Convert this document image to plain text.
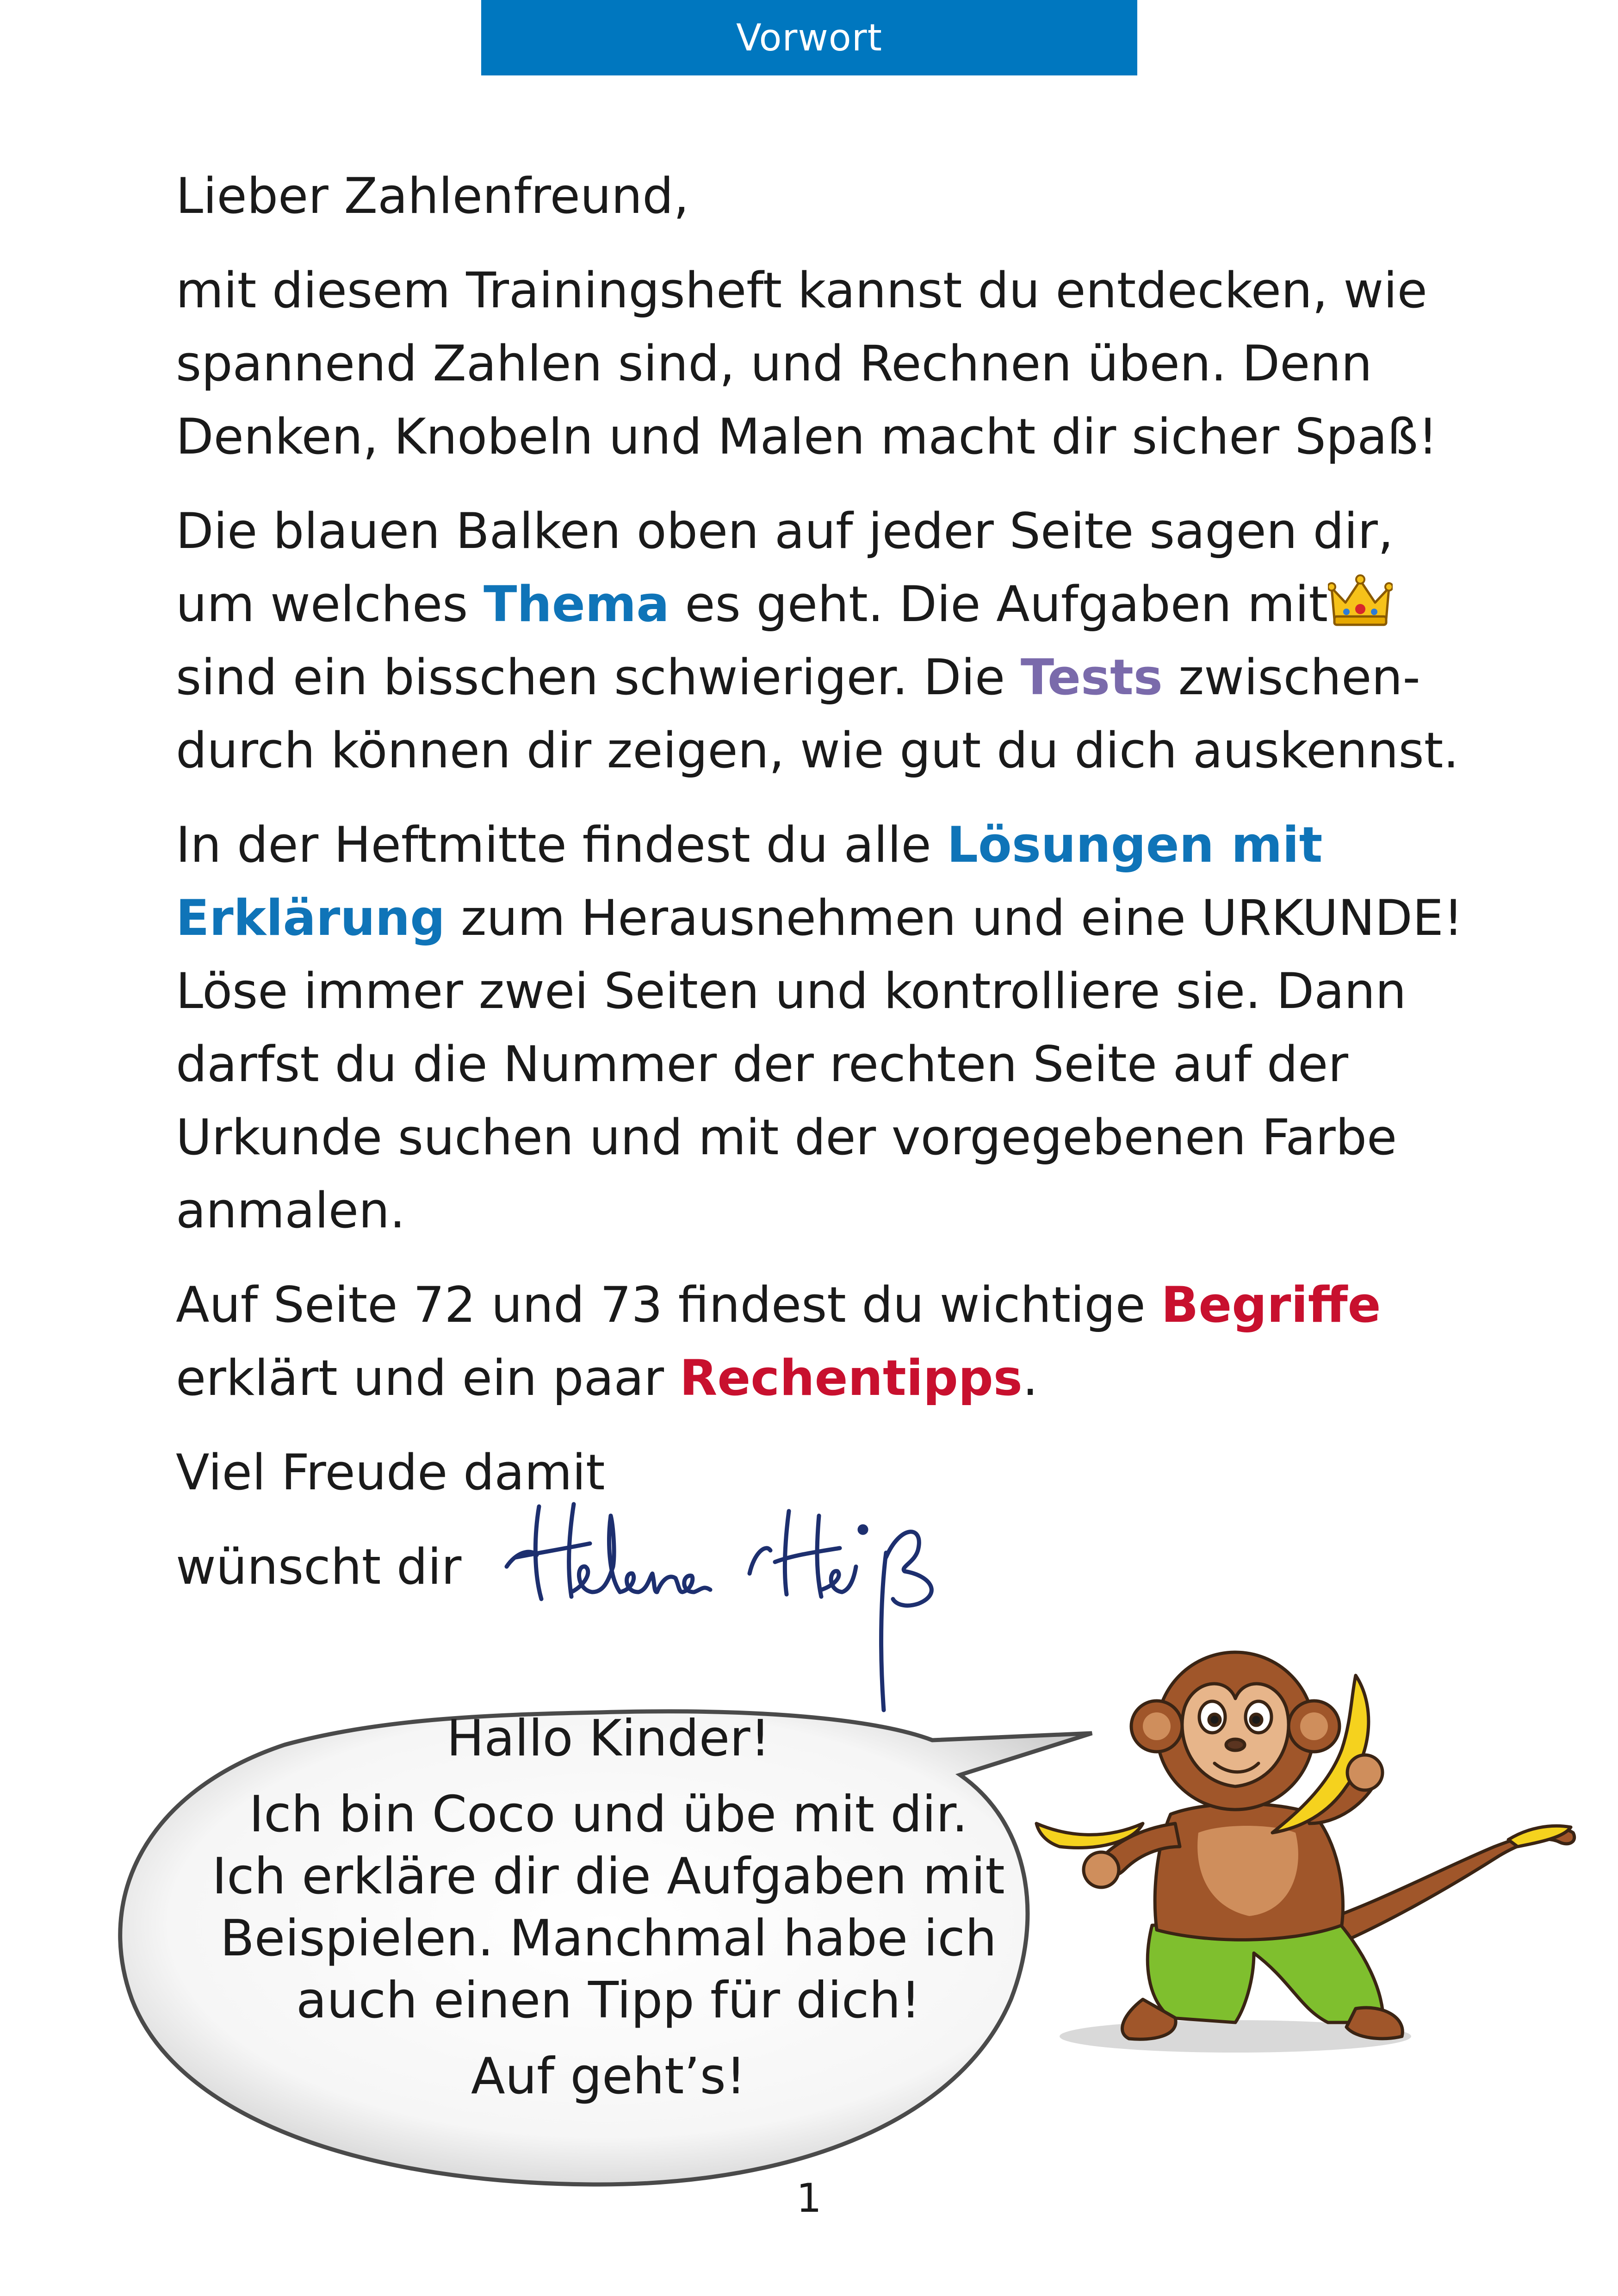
Vorwort

Lieber Zahlenfreund,

mit diesem Trainingsheft kannst du entdecken, wie spannend Zahlen sind, und Rechnen üben. Denn Denken, Knobeln und Malen macht dir sicher Spaß!

Die blauen Balken oben auf jeder Seite sagen dir, um welches Thema es geht. Die Aufgaben mit sind ein bisschen schwieriger. Die Tests zwischendurch können dir zeigen, wie gut du dich auskennst.

In der Heftmitte findest du alle Lösungen mit Erklärung zum Herausnehmen und eine URKUNDE! Löse immer zwei Seiten und kontrolliere sie. Dann darfst du die Nummer der rechten Seite auf der Urkunde suchen und mit der vorgegebenen Farbe anmalen.

Auf Seite 72 und 73 findest du wichtige Begriffe erklärt und ein paar Rechentipps.

Viel Freude damit

wünscht dir

Hallo Kinder!
Ich bin Coco und übe mit dir.
Ich erkläre dir die Aufgaben mit
Beispielen. Manchmal habe ich
auch einen Tipp für dich!
Auf geht’s!
1
